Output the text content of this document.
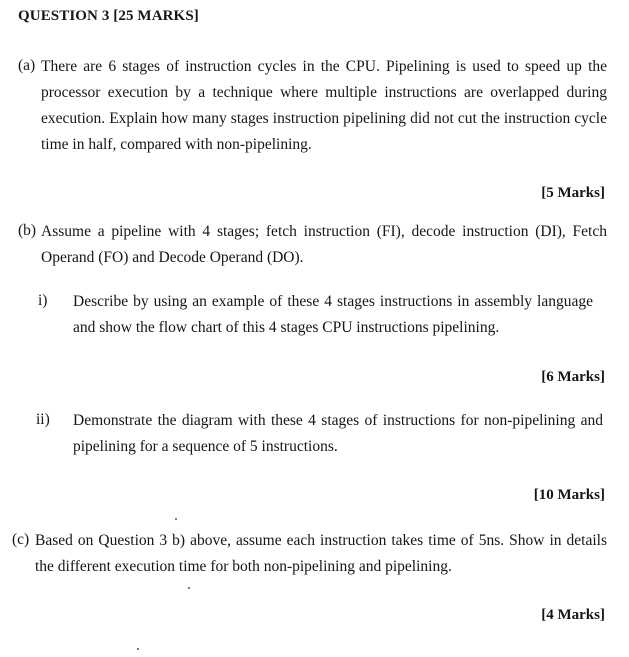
QUESTION 3 [25 MARKS]
(a) There are 6 stages of instruction cycles in the CPU. Pipelining is used to speed up the processor execution by a technique where multiple instructions are overlapped during execution. Explain how many stages instruction pipelining did not cut the instruction cycle time in half, compared with non-pipelining.
[5 Marks]
(b) Assume a pipeline with 4 stages; fetch instruction (FI), decode instruction (DI), Fetch Operand (FO) and Decode Operand (DO).
i) Describe by using an example of these 4 stages instructions in assembly language and show the flow chart of this 4 stages CPU instructions pipelining.
[6 Marks]
ii) Demonstrate the diagram with these 4 stages of instructions for non-pipelining and pipelining for a sequence of 5 instructions.
[10 Marks]
(c) Based on Question 3 b) above, assume each instruction takes time of 5ns. Show in details the different execution time for both non-pipelining and pipelining.
[4 Marks]
